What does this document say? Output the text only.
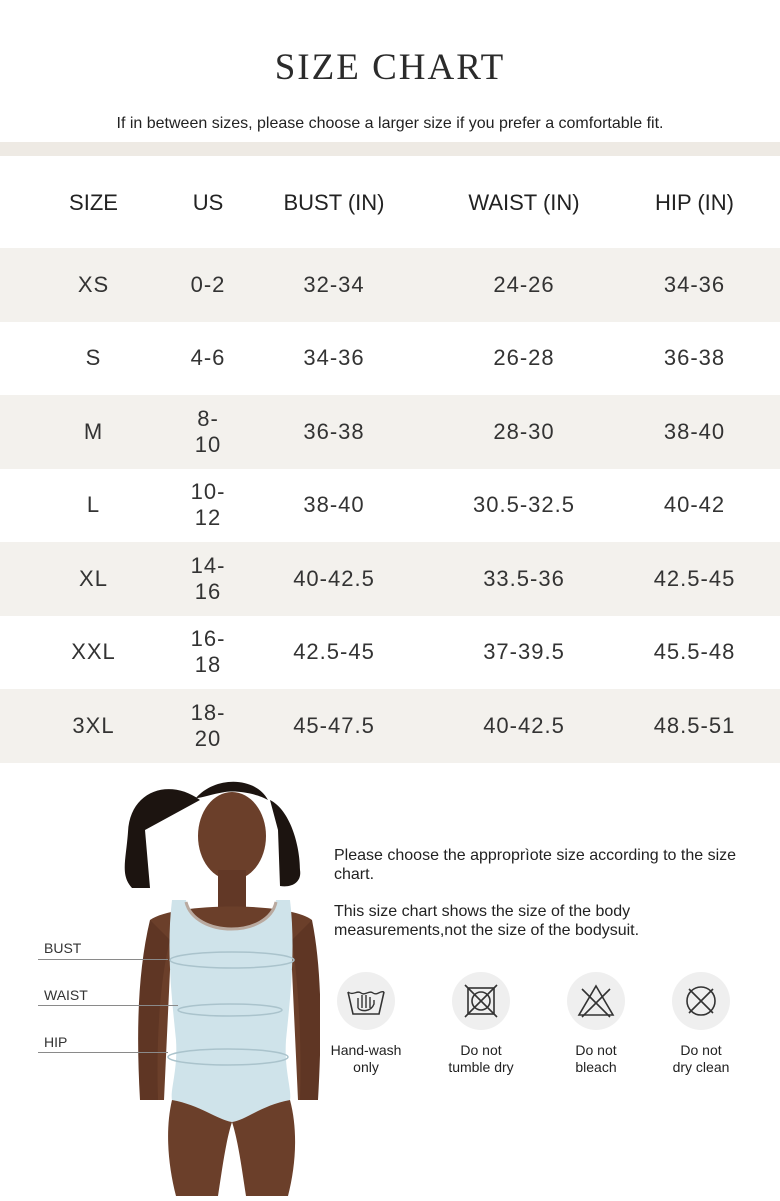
SIZE CHART
If in between sizes, please choose a larger size if you prefer a comfortable fit.
SIZE	US	BUST (IN)	WAIST (IN)	HIP (IN)
XS	0-2	32-34	24-26	34-36
S	4-6	34-36	26-28	36-38
M	8-10	36-38	28-30	38-40
L	10-12	38-40	30.5-32.5	40-42
XL	14-16	40-42.5	33.5-36	42.5-45
XXL	16-18	42.5-45	37-39.5	45.5-48
3XL	18-20	45-47.5	40-42.5	48.5-51
BUST
WAIST
HIP

Please choose the approprìote size according to the size chart.

This size chart shows the size of the body measurements,not the size of the bodysuit.

Hand-wash
only
Do not
tumble dry
Do not
bleach
Do not
dry clean
